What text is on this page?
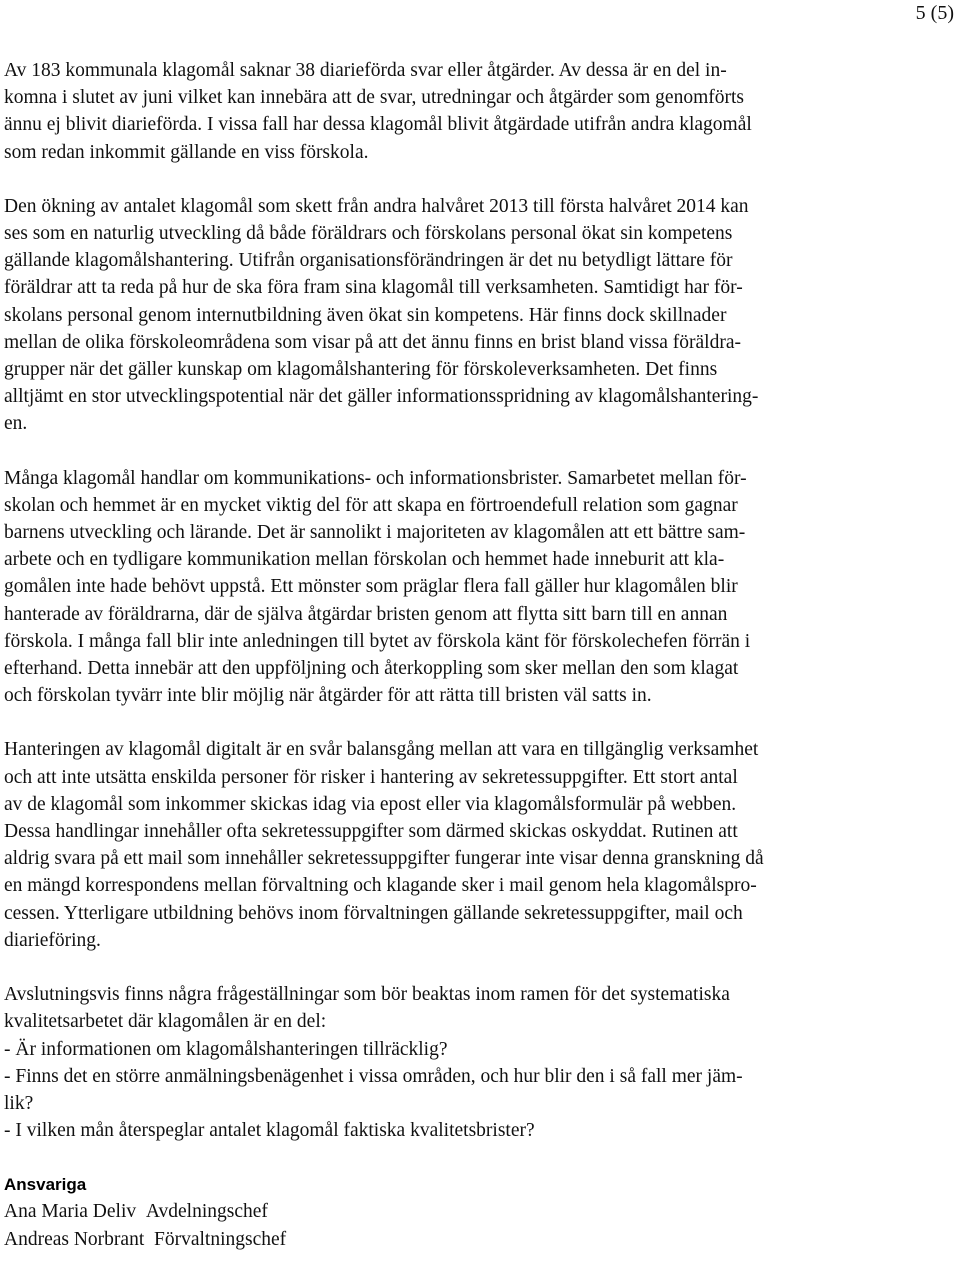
5 (5)

Av 183 kommunala klagomål saknar 38 diarieförda svar eller åtgärder. Av dessa är en del in-
komna i slutet av juni vilket kan innebära att de svar, utredningar och åtgärder som genomförts
ännu ej blivit diarieförda. I vissa fall har dessa klagomål blivit åtgärdade utifrån andra klagomål
som redan inkommit gällande en viss förskola.

Den ökning av antalet klagomål som skett från andra halvåret 2013 till första halvåret 2014 kan
ses som en naturlig utveckling då både föräldrars och förskolans personal ökat sin kompetens
gällande klagomålshantering. Utifrån organisationsförändringen är det nu betydligt lättare för
föräldrar att ta reda på hur de ska föra fram sina klagomål till verksamheten. Samtidigt har för-
skolans personal genom internutbildning även ökat sin kompetens. Här finns dock skillnader
mellan de olika förskoleområdena som visar på att det ännu finns en brist bland vissa föräldra-
grupper när det gäller kunskap om klagomålshantering för förskoleverksamheten. Det finns
alltjämt en stor utvecklingspotential när det gäller informationsspridning av klagomålshantering-
en.

Många klagomål handlar om kommunikations- och informationsbrister. Samarbetet mellan för-
skolan och hemmet är en mycket viktig del för att skapa en förtroendefull relation som gagnar
barnens utveckling och lärande. Det är sannolikt i majoriteten av klagomålen att ett bättre sam-
arbete och en tydligare kommunikation mellan förskolan och hemmet hade inneburit att kla-
gomålen inte hade behövt uppstå. Ett mönster som präglar flera fall gäller hur klagomålen blir
hanterade av föräldrarna, där de själva åtgärdar bristen genom att flytta sitt barn till en annan
förskola. I många fall blir inte anledningen till bytet av förskola känt för förskolechefen förrän i
efterhand. Detta innebär att den uppföljning och återkoppling som sker mellan den som klagat
och förskolan tyvärr inte blir möjlig när åtgärder för att rätta till bristen väl satts in.

Hanteringen av klagomål digitalt är en svår balansgång mellan att vara en tillgänglig verksamhet
och att inte utsätta enskilda personer för risker i hantering av sekretessuppgifter. Ett stort antal
av de klagomål som inkommer skickas idag via epost eller via klagomålsformulär på webben.
Dessa handlingar innehåller ofta sekretessuppgifter som därmed skickas oskyddat. Rutinen att
aldrig svara på ett mail som innehåller sekretessuppgifter fungerar inte visar denna granskning då
en mängd korrespondens mellan förvaltning och klagande sker i mail genom hela klagomålspro-
cessen. Ytterligare utbildning behövs inom förvaltningen gällande sekretessuppgifter, mail och
diarieföring.

Avslutningsvis finns några frågeställningar som bör beaktas inom ramen för det systematiska
kvalitetsarbetet där klagomålen är en del:
- Är informationen om klagomålshanteringen tillräcklig?
- Finns det en större anmälningsbenägenhet i vissa områden, och hur blir den i så fall mer jäm-
lik?
- I vilken mån återspeglar antalet klagomål faktiska kvalitetsbrister?

Ansvariga
Ana Maria Deliv Avdelningschef
Andreas Norbrant Förvaltningschef
